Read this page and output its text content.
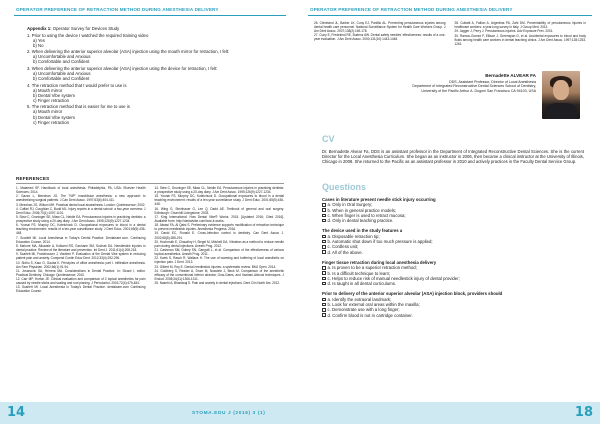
OPERATOR PREFERENCE OF RETRACTION METHOD DURING ANESTHESIA DELIVERY
Appendix 1: Operator Survey for Devices Study
1. Prior to using the device I watched the required training video
a) Yes
b) No
2. When delivering the anterior superior alveolar (ASA) injection using the mouth mirror for retraction, I felt:
a) Uncomfortable and Anxious
b) Comfortable and Confident
3. When delivering the anterior superior alveolar (ASA) injection using the device for retraction, I felt:
a) Uncomfortable and Anxious
b) Comfortable and Confident
4. The retraction method that I would prefer to use is
a) Mouth mirror
b) Dental Vibe system
c) Finger retraction
5. The retraction method that is easier for me to use is
a) Mouth mirror
b) Dental Vibe system
c) Finger retraction
REFERENCES

1. Malamed SF. Handbook of local anesthesia. Philadelphia, PA, USA: Elsevier Health Sciences; 2014.

2. Gazzo L, Meechan JG. The "NIP" mandibular anesthesia: a new approach to anesthetizing surgical patients. J Can Dent Assoc. 1997;63(6):404-411.

3. Meechan JG, Wilson MH. Practical dental local anaesthesia. London: Quintessence; 2002.

4. Cuffari RJ, Coughlan C, Budd ML. Injury reports in a dental school: a two-year overview. J Dent Educ. 2006;70(1):1097-1101.

5. Siew C, Gruninger SE, Miaw CL, Neidle EA. Percutaneous injuries in practicing dentists: a prospective study using a 20-day diary. J Am Dent Assoc. 1995;126(9):1227-1234.

6. Younai FS, Murphy DC, Kotelchuck D. Occupational exposures to blood in a dental teaching environment: results of a ten-year surveillance study. J Dent Educ. 2001;65(5):436-448.

7. Scarlett MI. Local Anesthesia in Today's Dental Practice. Dentalcare.com. Continuing Education Course, 2014.

8. Mahure MA, Athavale A, Kulkarni RS, Gavhane SM, Suchak DA. Needlestick injuries in dental practice. Review of the literature and prevention. Int Dent J. 2011;61(4):208-218.

9. Scarlett MI, Frankhouser J, Vladimir P. Evaluation of the Dental Vibe system in reducing patient pain and anxiety. Compend Contin Educ Dent. 2012;33(4):292-296.

10. Sidhu S, Kaur G, Gauba K. Principles of office anesthesia: part I. Infiltrative anesthesia. Am Fam Physician. 2002;66(1):91-94.

11. Jovanovic SA, Herrera MA. Considerations in Dental Practice. In: Sicard I, editor. Practical Dentistry. Chicago: Quintessence; 2010.

12. Carr MP, Horton JE. Clinical evaluation and comparison of 2 topical anesthetics for pain caused by needle sticks and scaling and root planing. J Periodontol. 2001;72(4):479-484.

13. Scarlett MI. Local Anesthesia in Today's Dental Practice. dentalcare.com Continuing Education Course.

14. Siew C, Gruninger SE, Miaw CL, Neidle EA. Percutaneous injuries in practicing dentists: a prospective study using a 20-day diary. J Am Dent Assoc. 1995;126(9):1227-1234.

15. Younai FS, Murphy DC, Kotelchuck D. Occupational exposures to blood in a dental teaching environment: results of a ten-year surveillance study. J Dent Educ. 2001;65(5):436-448.

16. Wing G, Steinhauer G, Lee Q, Dadd AE. Textbook of general and oral surgery. Edinburgh: Churchill Livingstone; 2003.

17. King International. How Dental Vibe® Works. 2015. [Updated 2016; Cited 2016]. Available from: http://dentalvibe.com/how-it-works.

18. Alwasi FA, Al Qaisi S. Preliminary evidence supports modification of retraction technique to prevent needlestick injuries. Anesthesia Progress. 2016.

19. David EC, Ronald E. Cross-Infection control in dentistry. Can Dent Assoc J. 2002;68(5):285-291.

20. Hochmuth E, Chaudhry H, Siegel M, Mitchell DA. Vibration as a method to reduce needle pain during dental injections. Anesth Prog. 2012.

21. Cashman SM, Dubey SN, Gangolli L, et al. Comparison of the effectiveness of various topical anesthetics. Anesth Prog. 2011.

22. Kwek S, Rasch R, Wallace H. The use of warming and buffering of local anesthetic on injection pain. J Dent. 2013.

23. Gilbert M, Roy E. Dental needlestick injuries: a systematic review. BMJ Open. 2014.

24. Goldberg S, Reader A, Drum M, Nusstein J, Beck M. Comparison of the anesthetic efficacy of the conventional inferior alveolar, Gow-Gates, and Vazirani-Akinosi techniques. J Endod. 2008;34(11):1306-1311.

25. Nasehi A, Bhardwaj S. Pain and anxiety in dental injections. Dent Clin North Am. 2012.

14	STOMA.EDU J (2016) 3 (1)
OPERATOR PREFERENCE OF RETRACTION METHOD DURING ANESTHESIA DELIVERY

26. Cleveland JL, Barker LK, Cuny EJ, Panlilio AL. Preventing percutaneous injuries among dental health care personnel. National Surveillance System for Health Care Workers Group. J Am Dent Assoc. 2007;138(2):169-178.

27. Cuny E, Fredekind RE, Budenz AW. Dental safety needles' effectiveness: results of a one-year evaluation. J Am Dent Assoc. 2000;131(10):1443-1448.

28. Cuttatti A, Fallion A, Argentina PA, Zahl DM. Preventability of percutaneous injuries in healthcare workers: a year-long survey in Italy. J Occup Med. 2013.

29. Jagger J, Perry J. Percutaneous injuries. Adv Exposure Prev. 2001.

30. Ramos-Gomez F, Ellison J, Greenspan D, et al. Accidental exposures to blood and body fluids among health care workers in dental teaching clinics. J Am Dent Assoc. 1997;128:1253-1261.

Bernadette ALVEAR FA
DDS, Assistant Professor, Director of Local Anesthesia
Department of Integrated Reconstructive Dental Sciences School of Dentistry,
University of the Pacific Arthur A. Dugoni San Francisco CA 94103, USA
CV
Dr. Bernadette Alvear Fa, DDS is an assistant professor in the Department of Integrated Reconstructive Dental Sciences. She is the current Director for the Local Anesthesia Curriculum. She began as an instructor in 2006, then became a clinical instructor at the University of Illinois, Chicago in 2008. She returned to the Pacific as an assistant professor in 2010 and actively practices in the Faculty Dental Service Group.
Questions
Cases in literature present needle stick injury occurring
a. Only in Oral Surgery;
b. When in general practice models;
c. When finger is used to retract mucosa;
d. Only in dental teaching practice.
The device used in the study features a
a. Disposable retraction tip;
b. Automatic shut down if too much pressure is applied;
c. Cordless unit;
d. All of the above.
Finger tissue retraction during local anesthesia delivery
a. Is proven to be a superior retraction method;
b. Is a difficult technique to learn;
c. Helps to reduce risk of manual needlestick injury of dental provider;
d. Is taught in all dental curriculums.
Prior to delivery of the anterior superior alveolar (ASA) injection block, providers should
a. Identify the extraoral landmark;
b. Look for external oral areas within the maxilla;
c. Demonstrate use with a long finger;
d. Confirm blood is not in cartridge container.
18
